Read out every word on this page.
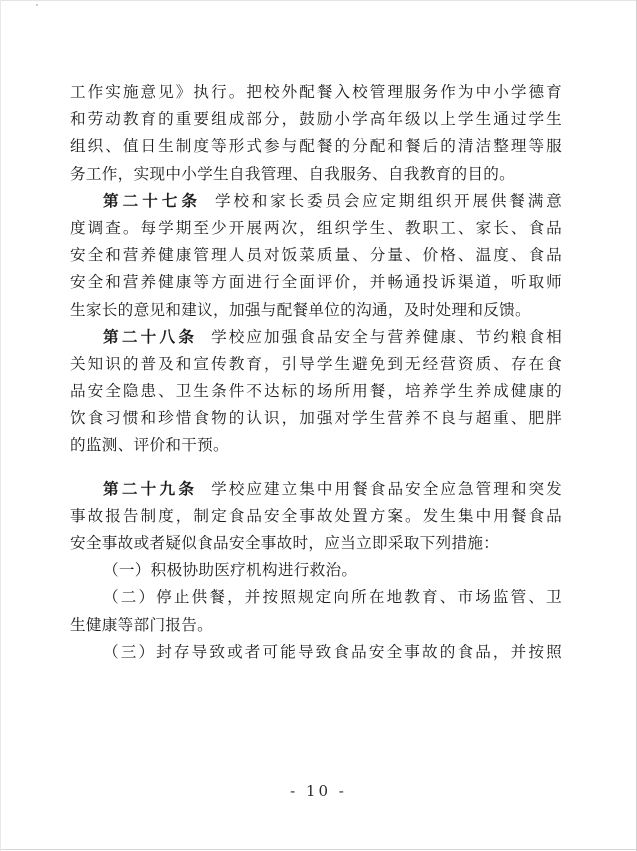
工作实施意见》执行。把校外配餐入校管理服务作为中小学德育
和劳动教育的重要组成部分，鼓励小学高年级以上学生通过学生
组织、值日生制度等形式参与配餐的分配和餐后的清洁整理等服
务工作，实现中小学生自我管理、自我服务、自我教育的目的。
第二十七条 学校和家长委员会应定期组织开展供餐满意
度调查。每学期至少开展两次，组织学生、教职工、家长、食品
安全和营养健康管理人员对饭菜质量、分量、价格、温度、食品
安全和营养健康等方面进行全面评价，并畅通投诉渠道，听取师
生家长的意见和建议，加强与配餐单位的沟通，及时处理和反馈。
第二十八条 学校应加强食品安全与营养健康、节约粮食相
关知识的普及和宣传教育，引导学生避免到无经营资质、存在食
品安全隐患、卫生条件不达标的场所用餐，培养学生养成健康的
饮食习惯和珍惜食物的认识，加强对学生营养不良与超重、肥胖
的监测、评价和干预。
第二十九条 学校应建立集中用餐食品安全应急管理和突发
事故报告制度，制定食品安全事故处置方案。发生集中用餐食品
安全事故或者疑似食品安全事故时，应当立即采取下列措施：
（一）积极协助医疗机构进行救治。
（二）停止供餐，并按照规定向所在地教育、市场监管、卫
生健康等部门报告。
（三）封存导致或者可能导致食品安全事故的食品，并按照
- 10 -
